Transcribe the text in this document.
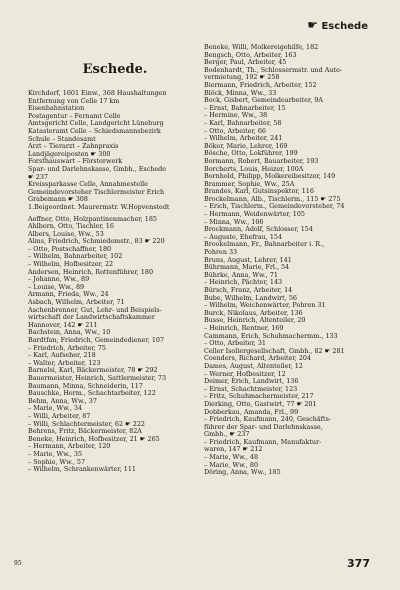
☛ Eschede
Eschede.
Kirchdorf, 1601 Einw., 368 Haushaltungen
Entfernung von Celle 17 km
Eisenbahnstation
Postagentur – Fernamt Celle
Amtsgericht Celle, Landgericht Lüneburg
Katasteramt Celle – Schiedsmannsbezirk
Schule – Standesamt
Arzt – Tierarzt – Zahnpraxis
Landjägereiposten ☛ 300
Forsthauswart – Försterwerk
Spar- und Darlehnskasse, Gmbh., Eschede
☛ 237
Kreissparkasse Celle, Annahmestelle
Gemeindevorsteher Tischlermeister Erich
Grabemann ☛ 308
1.Beigeordnet. Maurermstr. W.Hopvenstedt
Aeffner, Otto, Holzpantinenmacher, 185
Ahlborn, Otto, Tischler, 16
Albers, Louise, Ww., 53
Alms, Friedrich, Schmiedemstr., 83 ☛ 220
– Otto, Postschaffner, 180
– Wilhelm, Bahnarbeiter, 102
– Wilhelm, Hofbesitzer, 22
Andersen, Heinrich, Rottenführer, 180
– Johanne, Ww., 89
– Louise, Ww., 89
Armann, Frieda, Ww., 24
Asbach, Wilhelm, Arbeiter, 71
Aschenbrenner, Gut, Lehr- und Beispiels-
wirtschaft der Landwirtschaftskammer
Hannover, 142 ☛ 211
Bachstein, Anna, Ww., 10
Bardtfan, Friedrich, Gemeindediener, 107
– Friedrich, Arbeiter, 75
– Karl, Aufseher, 218
– Walter, Arbeiter, 123
Barnelsi, Karl, Bäckermeister, 78 ☛ 292
Bauermeister, Heinrich, Sattlermeister, 73
Baumann, Minna, Schneiderin, 117
Bauschke, Herm., Schachtarbeiter, 122
Behm, Anna, Ww., 37
– Marie, Ww., 34
– Willi, Arbeiter, 87
– Willi, Schlachtermeister, 62 ☛ 222
Behrens, Fritz, Bäckermeister, 82A
Beneke, Heinrich, Hofbesitzer, 21 ☛ 265
– Hermann, Arbeiter, 120
– Marie, Ww., 35
– Sophie, Ww., 57
– Wilhelm, Schrankenwärter, 111
Beneke, Willi, Molkereigehilfe, 182
Bengsch, Otto, Arbeiter, 163
Berger, Paul, Arbeiter, 45
Bodenhardt, Th., Schlossermstr. und Auto-
vermietung, 192 ☛ 258
Biermann, Friedrich, Arbeiter, 152
Blöck, Minna, Ww., 33
Bock, Gisbert, Gemeindearbeiter, 9A
– Ernst, Bahnarbeiter, 15
– Hermine, Ww., 38
– Karl, Bahnarbeiter, 58
– Otto, Arbeiter, 66
– Wilhelm, Arbeiter, 241
Böker, Marie, Lehrer, 169
Bösche, Otto, Lokführer, 199
Bormann, Robert, Bauarbeiter, 193
Borcherts, Louis, Heizer, 100A
Bornhold, Philipp, Molkereibesitzer, 149
Brammer, Sophie, Ww., 25A
Brandes, Karl, Gutsinspektor, 116
Brockelmann, Alb., Tischlerm., 115 ☛ 275
– Erich, Tischlerm., Gemeindevorsteher, 74
– Hermann, Weidenwärter, 105
– Minna, Ww., 106
Brockmann, Adolf, Schlosser, 154
– Auguste, Ehefrau, 154
Brookelmann, Fr., Bahnarbeiter i. R.,
Pohren 33
Bruns, August, Lehrer, 141
Bührmann, Marie, Frl., 54
Bührke, Anna, Ww., 71
– Heinrich, Pächter, 143
Bürsch, Franz, Arbeiter, 14
Bube, Wilhelm, Landwirt, 56
– Wilhelm, Weichenwärter, Pohren 31
Burck, Nikolaus, Arbeiter, 136
Busse, Heinrich, Altenteiler, 20
– Heinrich, Rentner, 169
Cammann, Erich, Schuhmachermm., 133
– Otto, Arbeiter, 31
Celler Isoliergesellschaft, Gmbh., 82 ☛ 281
Coenders, Richard, Arbeiter, 204
Dames, August, Altenteiler, 12
– Werner, Hofbesitzer, 12
Deimer, Erich, Landwirt, 136
– Ernst, Schachtmeister, 123
– Fritz, Schuhmachermeister, 217
Dierking, Otto, Gastwirt, 77 ☛ 201
Dobberkau, Amanda, Frl., 99
– Friedrich, Kaufmann, 240, Geschäfts-
führer der Spar- und Darlehnskasse,
Gmbh., ☛ 237
– Friedrich, Kaufmann, Manufaktur-
waren, 147 ☛ 212
– Marie, Ww., 48
– Marie, Ww., 80
Döring, Anna, Ww., 185
95	377
